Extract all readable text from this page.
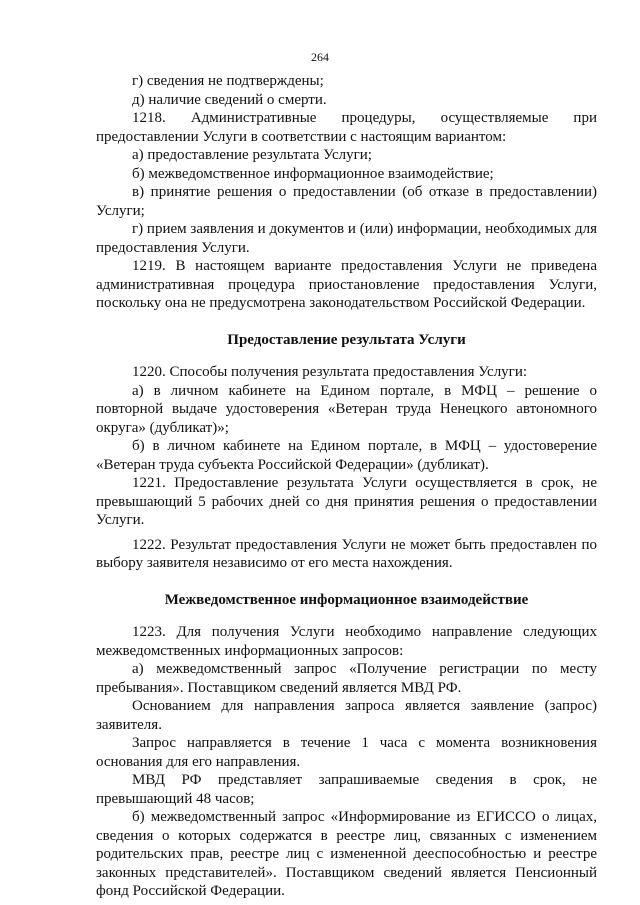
264

г) сведения не подтверждены;

д) наличие сведений о смерти.

1218. Административные процедуры, осуществляемые при предоставлении Услуги в соответствии с настоящим вариантом:

а) предоставление результата Услуги;

б) межведомственное информационное взаимодействие;

в) принятие решения о предоставлении (об отказе в предоставлении) Услуги;

г) прием заявления и документов и (или) информации, необходимых для предоставления Услуги.

1219. В настоящем варианте предоставления Услуги не приведена административная процедура приостановление предоставления Услуги, поскольку она не предусмотрена законодательством Российской Федерации.

Предоставление результата Услуги

1220. Способы получения результата предоставления Услуги:

а) в личном кабинете на Едином портале, в МФЦ – решение о повторной выдаче удостоверения «Ветеран труда Ненецкого автономного округа» (дубликат)»;

б) в личном кабинете на Едином портале, в МФЦ – удостоверение «Ветеран труда субъекта Российской Федерации» (дубликат).

1221. Предоставление результата Услуги осуществляется в срок, не превышающий 5 рабочих дней со дня принятия решения о предоставлении Услуги.

1222. Результат предоставления Услуги не может быть предоставлен по выбору заявителя независимо от его места нахождения.

Межведомственное информационное взаимодействие

1223. Для получения Услуги необходимо направление следующих межведомственных информационных запросов:

а) межведомственный запрос «Получение регистрации по месту пребывания». Поставщиком сведений является МВД РФ.

Основанием для направления запроса является заявление (запрос) заявителя.

Запрос направляется в течение 1 часа с момента возникновения основания для его направления.

МВД РФ представляет запрашиваемые сведения в срок, не превышающий 48 часов;

б) межведомственный запрос «Информирование из ЕГИССО о лицах, сведения о которых содержатся в реестре лиц, связанных с изменением родительских прав, реестре лиц с измененной дееспособностью и реестре законных представителей». Поставщиком сведений является Пенсионный фонд Российской Федерации.
